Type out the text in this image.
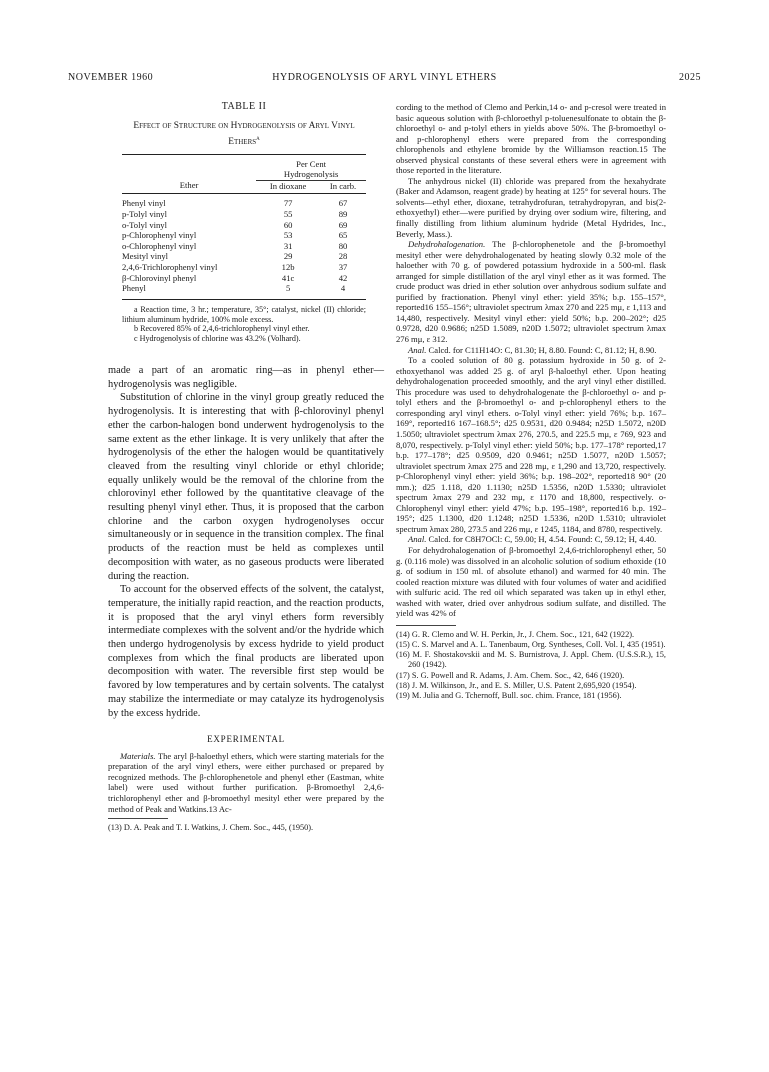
NOVEMBER 1960	HYDROGENOLYSIS OF ARYL VINYL ETHERS	2025
TABLE II
Effect of Structure on Hydrogenolysis of Aryl Vinyl Ethers$^a$

	Per Cent
Hydrogenolysis	

Ether	In dioxane	In carb.

Phenyl vinyl	77	67
p-Tolyl vinyl	55	89
o-Tolyl vinyl	60	69
p-Chlorophenyl vinyl	53	65
o-Chlorophenyl vinyl	31	80
Mesityl vinyl	29	28
2,4,6-Trichlorophenyl vinyl	12b	37
β-Chlorovinyl phenyl	41c	42
Phenyl	5	4

a Reaction time, 3 hr.; temperature, 35°; catalyst, nickel (II) chloride; lithium aluminum hydride, 100% mole excess.

b Recovered 85% of 2,4,6-trichlorophenyl vinyl ether.

c Hydrogenolysis of chlorine was 43.2% (Volhard).

made a part of an aromatic ring—as in phenyl ether—hydrogenolysis was negligible.

Substitution of chlorine in the vinyl group greatly reduced the hydrogenolysis. It is interesting that with β-chlorovinyl phenyl ether the carbon-halogen bond underwent hydrogenolysis to the same extent as the ether linkage. It is very unlikely that after the hydrogenolysis of the ether the halogen would be quantitatively cleaved from the resulting vinyl chloride or ethyl chloride; equally unlikely would be the removal of the chlorine from the chlorovinyl ether followed by the quantitative cleavage of the resulting phenyl vinyl ether. Thus, it is proposed that the carbon chlorine and the carbon oxygen hydrogenolyses occur simultaneously or in sequence in the transition complex. The final products of the reaction must be held as complexes until decomposition with water, as no gaseous products were liberated during the reaction.

To account for the observed effects of the solvent, the catalyst, temperature, the initially rapid reaction, and the reaction products, it is proposed that the aryl vinyl ethers form reversibly intermediate complexes with the solvent and/or the hydride which then undergo hydrogenolysis by excess hydride to yield product complexes from which the final products are liberated upon decomposition with water. The reversible first step would be favored by low temperatures and by certain solvents. The catalyst may stabilize the intermediate or may catalyze its hydrogenolysis by the excess hydride.

EXPERIMENTAL

Materials. The aryl β-haloethyl ethers, which were starting materials for the preparation of the aryl vinyl ethers, were either purchased or prepared by recognized methods. The β-chlorophenetole and phenyl ether (Eastman, white label) were used without further purification. β-Bromoethyl 2,4,6-trichlorophenyl ether and β-bromoethyl mesityl ether were prepared by the method of Peak and Watkins.13 Ac-

(13) D. A. Peak and T. I. Watkins, J. Chem. Soc., 445, (1950).

cording to the method of Clemo and Perkin,14 o- and p-cresol were treated in basic aqueous solution with β-chloroethyl p-toluenesulfonate to obtain the β-chloroethyl o- and p-tolyl ethers in yields above 50%. The β-bromoethyl o- and p-chlorophenyl ethers were prepared from the corresponding chlorophenols and ethylene bromide by the Williamson reaction.15 The observed physical constants of these several ethers were in agreement with those reported in the literature.

The anhydrous nickel (II) chloride was prepared from the hexahydrate (Baker and Adamson, reagent grade) by heating at 125° for several hours. The solvents—ethyl ether, dioxane, tetrahydrofuran, tetrahydropyran, and bis(2-ethoxyethyl) ether—were purified by drying over sodium wire, filtering, and finally distilling from lithium aluminum hydride (Metal Hydrides, Inc., Beverly, Mass.).

Dehydrohalogenation. The β-chlorophenetole and the β-bromoethyl mesityl ether were dehydrohalogenated by heating slowly 0.32 mole of the haloether with 70 g. of powdered potassium hydroxide in a 500-ml. flask arranged for simple distillation of the aryl vinyl ether as it was formed. The crude product was dried in ether solution over anhydrous sodium sulfate and purified by fractionation. Phenyl vinyl ether: yield 35%; b.p. 155–157°, reported16 155–156°; ultraviolet spectrum λmax 270 and 225 mμ, ε 1,113 and 14,480, respectively. Mesityl vinyl ether: yield 50%; b.p. 200–202°; d25 0.9728, d20 0.9686; n25D 1.5089, n20D 1.5072; ultraviolet spectrum λmax 276 mμ, ε 312.

Anal. Calcd. for C11H14O: C, 81.30; H, 8.80. Found: C, 81.12; H, 8.90.

To a cooled solution of 80 g. potassium hydroxide in 50 g. of 2-ethoxyethanol was added 25 g. of aryl β-haloethyl ether. Upon heating dehydrohalogenation proceeded smoothly, and the aryl vinyl ether distilled. This procedure was used to dehydrohalogenate the β-chloroethyl o- and p-tolyl ethers and the β-bromoethyl o- and p-chlorophenyl ethers to the corresponding aryl vinyl ethers. o-Tolyl vinyl ether: yield 76%; b.p. 167–169°, reported16 167–168.5°; d25 0.9531, d20 0.9484; n25D 1.5072, n20D 1.5050; ultraviolet spectrum λmax 276, 270.5, and 225.5 mμ, ε 769, 923 and 8,070, respectively. p-Tolyl vinyl ether: yield 50%; b.p. 177–178° reported,17 b.p. 177–178°; d25 0.9509, d20 0.9461; n25D 1.5077, n20D 1.5057; ultraviolet spectrum λmax 275 and 228 mμ, ε 1,290 and 13,720, respectively. p-Chlorophenyl vinyl ether: yield 36%; b.p. 198–202°, reported18 90° (20 mm.); d25 1.118, d20 1.1130; n25D 1.5356, n20D 1.5330; ultraviolet spectrum λmax 279 and 232 mμ, ε 1170 and 18,800, respectively. o-Chlorophenyl vinyl ether: yield 47%; b.p. 195–198°, reported16 b.p. 192–195°; d25 1.1300, d20 1.1248; n25D 1.5336, n20D 1.5310; ultraviolet spectrum λmax 280, 273.5 and 226 mμ, ε 1245, 1184, and 8780, respectively.

Anal. Calcd. for C8H7OCl: C, 59.00; H, 4.54. Found: C, 59.12; H, 4.40.

For dehydrohalogenation of β-bromoethyl 2,4,6-trichlorophenyl ether, 50 g. (0.116 mole) was dissolved in an alcoholic solution of sodium ethoxide (10 g. of sodium in 150 ml. of absolute ethanol) and warmed for 40 min. The cooled reaction mixture was diluted with four volumes of water and acidified with sulfuric acid. The red oil which separated was taken up in ethyl ether, washed with water, dried over anhydrous sodium sulfate, and distilled. The yield was 42% of

(14) G. R. Clemo and W. H. Perkin, Jr., J. Chem. Soc., 121, 642 (1922).

(15) C. S. Marvel and A. L. Tanenbaum, Org. Syntheses, Coll. Vol. I, 435 (1951).

(16) M. F. Shostakovskii and M. S. Burnistrova, J. Appl. Chem. (U.S.S.R.), 15, 260 (1942).

(17) S. G. Powell and R. Adams, J. Am. Chem. Soc., 42, 646 (1920).

(18) J. M. Wilkinson, Jr., and E. S. Miller, U.S. Patent 2,695,920 (1954).

(19) M. Julia and G. Tchernoff, Bull. soc. chim. France, 181 (1956).
